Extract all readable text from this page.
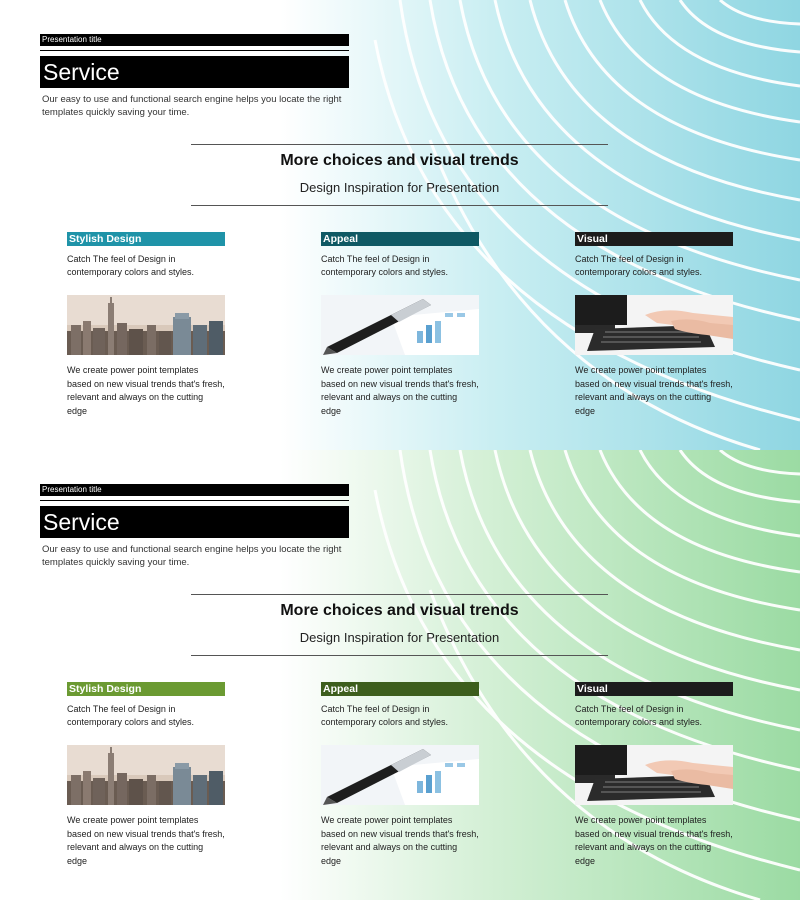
Presentation title
Service
Our easy to use and functional search engine helps you locate the right templates quickly saving your time.
More choices and visual trends
Design Inspiration for Presentation
Stylish Design
Catch The feel of Design in contemporary colors and styles.
We create power point templates based on new visual trends that's fresh, relevant and always on the cutting edge
Appeal
Catch The feel of Design in contemporary colors and styles.
We create power point templates based on new visual trends that's fresh, relevant and always on the cutting edge
Visual
Catch The feel of Design in contemporary colors and styles.
We create power point templates based on new visual trends that's fresh, relevant and always on the cutting edge
Presentation title
Service
Our easy to use and functional search engine helps you locate the right templates quickly saving your time.
More choices and visual trends
Design Inspiration for Presentation
Stylish Design
Catch The feel of Design in contemporary colors and styles.
We create power point templates based on new visual trends that's fresh, relevant and always on the cutting edge
Appeal
Catch The feel of Design in contemporary colors and styles.
We create power point templates based on new visual trends that's fresh, relevant and always on the cutting edge
Visual
Catch The feel of Design in contemporary colors and styles.
We create power point templates based on new visual trends that's fresh, relevant and always on the cutting edge
